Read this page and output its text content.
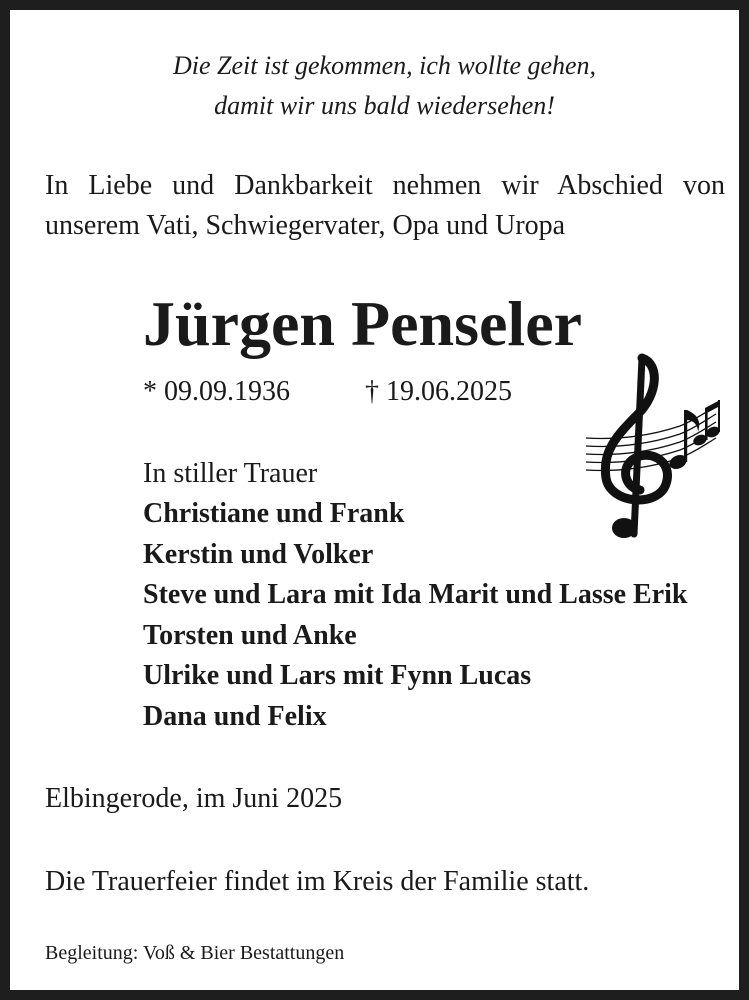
Die Zeit ist gekommen, ich wollte gehen,
damit wir uns bald wiedersehen!
In Liebe und Dankbarkeit nehmen wir Abschied von
unserem Vati, Schwiegervater, Opa und Uropa
Jürgen Penseler
* 09.09.1936	† 19.06.2025
In stiller Trauer
Christiane und Frank
Kerstin und Volker
Steve und Lara mit Ida Marit und Lasse Erik
Torsten und Anke
Ulrike und Lars mit Fynn Lucas
Dana und Felix
Elbingerode, im Juni 2025
Die Trauerfeier findet im Kreis der Familie statt.
Begleitung: Voß & Bier Bestattungen
